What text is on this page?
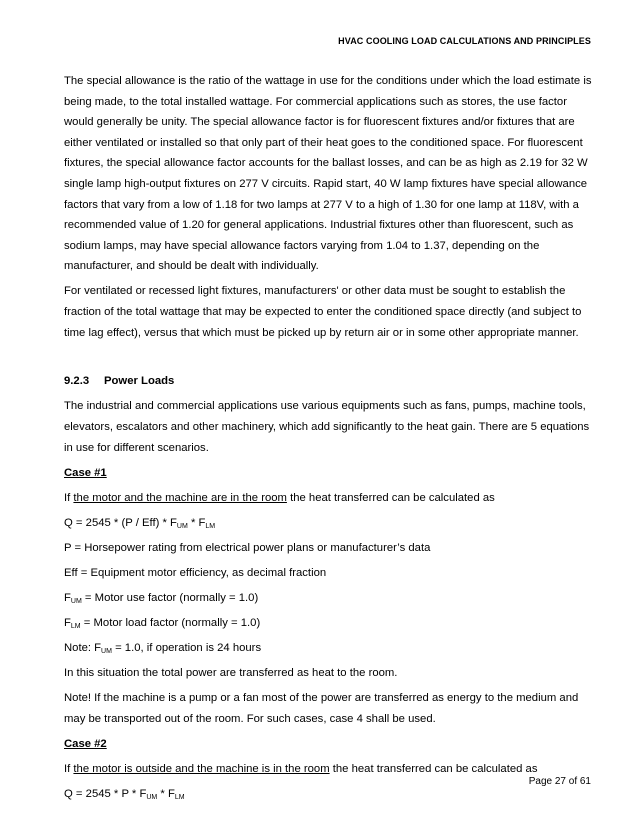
HVAC COOLING LOAD CALCULATIONS AND PRINCIPLES

The special allowance is the ratio of the wattage in use for the conditions under which the load estimate is being made, to the total installed wattage. For commercial applications such as stores, the use factor would generally be unity. The special allowance factor is for fluorescent fixtures and/or fixtures that are either ventilated or installed so that only part of their heat goes to the conditioned space. For fluorescent fixtures, the special allowance factor accounts for the ballast losses, and can be as high as 2.19 for 32 W single lamp high-output fixtures on 277 V circuits. Rapid start, 40 W lamp fixtures have special allowance factors that vary from a low of 1.18 for two lamps at 277 V to a high of 1.30 for one lamp at 118V, with a recommended value of 1.20 for general applications. Industrial fixtures other than fluorescent, such as sodium lamps, may have special allowance factors varying from 1.04 to 1.37, depending on the manufacturer, and should be dealt with individually.

For ventilated or recessed light fixtures, manufacturers' or other data must be sought to establish the fraction of the total wattage that may be expected to enter the conditioned space directly (and subject to time lag effect), versus that which must be picked up by return air or in some other appropriate manner.

9.2.3 Power Loads

The industrial and commercial applications use various equipments such as fans, pumps, machine tools, elevators, escalators and other machinery, which add significantly to the heat gain. There are 5 equations in use for different scenarios.

Case #1

If the motor and the machine are in the room the heat transferred can be calculated as

$Q = 2545 * (P / Eff) * F_{UM} * F_{LM}$

P = Horsepower rating from electrical power plans or manufacturer’s data

Eff = Equipment motor efficiency, as decimal fraction

$F_{UM}$ = Motor use factor (normally = 1.0)

$F_{LM}$ = Motor load factor (normally = 1.0)

Note: $F_{UM} = 1.0$, if operation is 24 hours

In this situation the total power are transferred as heat to the room.

Note! If the machine is a pump or a fan most of the power are transferred as energy to the medium and may be transported out of the room. For such cases, case 4 shall be used.

Case #2

If the motor is outside and the machine is in the room the heat transferred can be calculated as

$Q = 2545 * P * F_{UM} * F_{LM}$

Page 27 of 61
